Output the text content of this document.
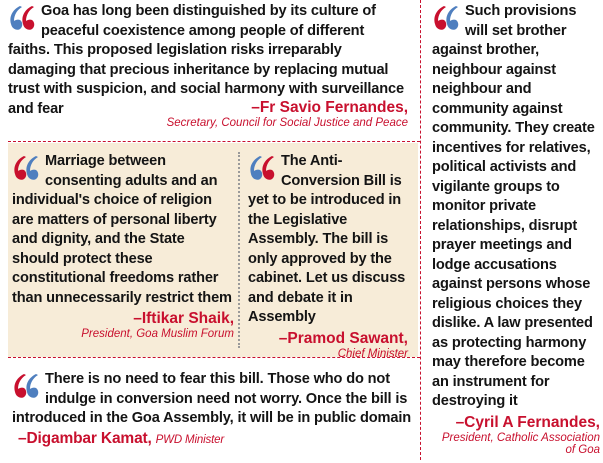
Goa has long been distinguished by its culture of peaceful coexistence among people of different faiths. This proposed legislation risks irreparably damaging that precious inheritance by replacing mutual trust with suspicion, and social harmony with surveillance and fear	–Fr Savio Fernandes,
Secretary, Council for Social Justice and Peace
Marriage between consenting adults and an individual's choice of religion are matters of personal liberty and dignity, and the State should protect these constitutional freedoms rather than unnecessarily restrict them
–Iftikar Shaik,
President, Goa Muslim Forum
The Anti-Conversion Bill is yet to be introduced in the Legislative Assembly. The bill is only approved by the cabinet. Let us discuss and debate it in Assembly
–Pramod Sawant,
Chief Minister
Such provisions will set brother against brother, neighbour against neighbour and community against community. They create incentives for relatives, political activists and vigilante groups to monitor private relationships, disrupt prayer meetings and lodge accusations against persons whose religious choices they dislike. A law presented as protecting harmony may therefore become an instrument for destroying it
–Cyril A Fernandes,
President, Catholic Association of Goa
There is no need to fear this bill. Those who do not indulge in conversion need not worry. Once the bill is introduced in the Goa Assembly, it will be in public domain –Digambar Kamat, PWD Minister
